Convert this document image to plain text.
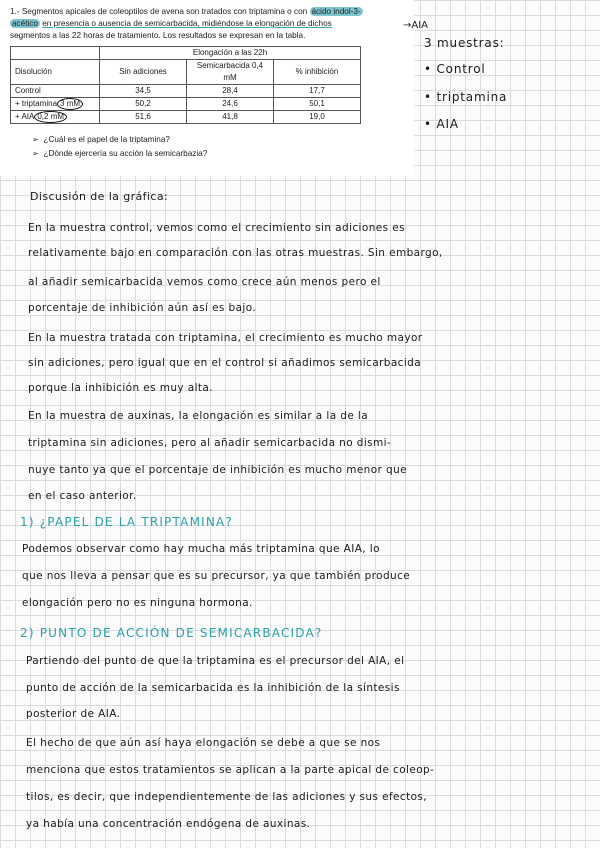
1.- Segmentos apicales de coleoptilos de avena son tratados con triptamina o con ácido indol-3-
acético en presencia o ausencia de semicarbacida, midiéndose la elongación de dichos
segmentos a las 22 horas de tratamiento. Los resultados se expresan en la tabla.
	Elongación a las 22h		
Disolución	Sin adiciones	Semicarbacida 0,4 mM	% inhibición
Control	34,5	28,4	17,7
+ triptamina 3 mM	50,2	24,6	50,1
+ AIA 0,2 mM	51,6	41,8	19,0
➢ ¿Cuál es el papel de la triptamina?
➢ ¿Dónde ejercería su acción la semicarbazia?
→AIA
3 muestras:
• Control
• triptamina
• AIA
Discusión de la gráfica:
En la muestra control, vemos como el crecimiento sin adiciones es
relativamente bajo en comparación con las otras muestras. Sin embargo,
al añadir semicarbacida vemos como crece aún menos pero el
porcentaje de inhibición aún así es bajo.
En la muestra tratada con triptamina, el crecimiento es mucho mayor
sin adiciones, pero igual que en el control si añadimos semicarbacida
porque la inhibición es muy alta.
En la muestra de auxinas, la elongación es similar a la de la
triptamina sin adiciones, pero al añadir semicarbacida no dismi-
nuye tanto ya que el porcentaje de inhibición es mucho menor que
en el caso anterior.
1) ¿PAPEL DE LA TRIPTAMINA?
Podemos observar como hay mucha más triptamina que AIA, lo
que nos lleva a pensar que es su precursor, ya que también produce
elongación pero no es ninguna hormona.
2) PUNTO DE ACCIÓN DE SEMICARBACIDA?
Partiendo del punto de que la triptamina es el precursor del AIA, el
punto de acción de la semicarbacida es la inhibición de la síntesis
posterior de AIA.
El hecho de que aún así haya elongación se debe a que se nos
menciona que estos tratamientos se aplican a la parte apical de coleop-
tilos, es decir, que independientemente de las adiciones y sus efectos,
ya había una concentración endógena de auxinas.
